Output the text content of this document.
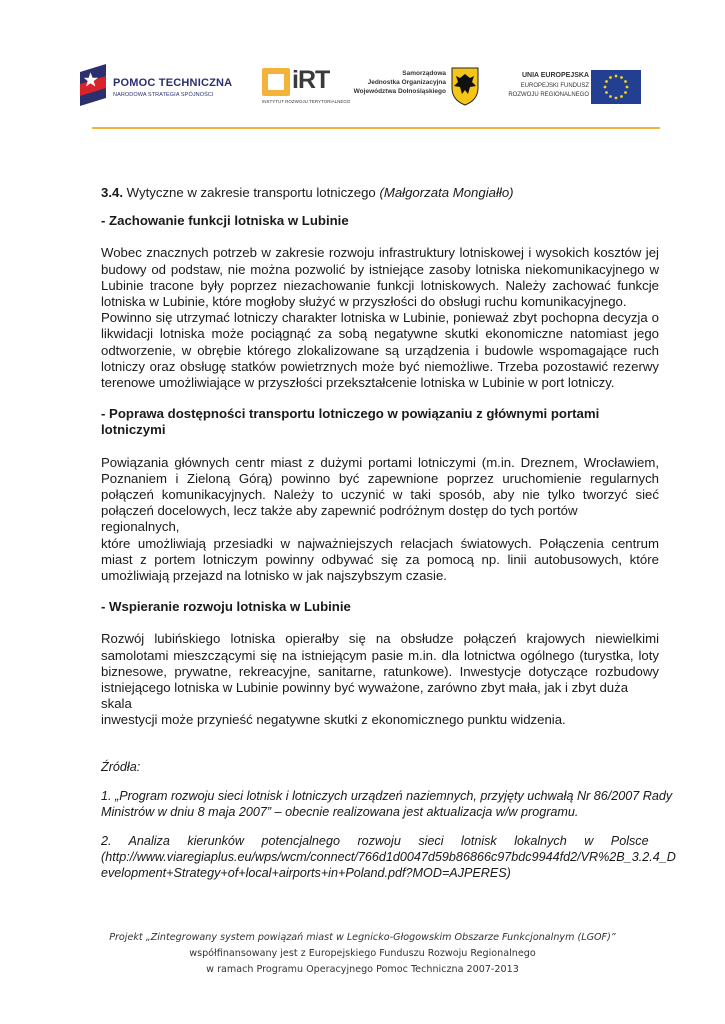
POMOC TECHNICZNA
NARODOWA STRATEGIA SPÓJNOŚCI
iRT
INSTYTUT ROZWOJU TERYTORIALNEGO
Samorządowa
Jednostka Organizacyjna
Województwa Dolnośląskiego
UNIA EUROPEJSKA
EUROPEJSKI FUNDUSZ
ROZWOJU REGIONALNEGO

3.4. Wytyczne w zakresie transportu lotniczego (Małgorzata Mongiałło)

- Zachowanie funkcji lotniska w Lubinie

Wobec znacznych potrzeb w zakresie rozwoju infrastruktury lotniskowej i wysokich kosztów jej
budowy od podstaw, nie można pozwolić by istniejące zasoby lotniska niekomunikacyjnego w
Lubinie tracone były poprzez niezachowanie funkcji lotniskowych. Należy zachować funkcje
lotniska w Lubinie, które mogłoby służyć w przyszłości do obsługi ruchu komunikacyjnego.
Powinno się utrzymać lotniczy charakter lotniska w Lubinie, ponieważ zbyt pochopna decyzja o
likwidacji lotniska może pociągnąć za sobą negatywne skutki ekonomiczne natomiast jego
odtworzenie, w obrębie którego zlokalizowane są urządzenia i budowle wspomagające ruch
lotniczy oraz obsługę statków powietrznych może być niemożliwe. Trzeba pozostawić rezerwy
terenowe umożliwiające w przyszłości przekształcenie lotniska w Lubinie w port lotniczy.
- Poprawa dostępności transportu lotniczego w powiązaniu z głównymi portami
lotniczymi
Powiązania głównych centr miast z dużymi portami lotniczymi (m.in. Dreznem, Wrocławiem,
Poznaniem i Zieloną Górą) powinno być zapewnione poprzez uruchomienie regularnych
połączeń komunikacyjnych. Należy to uczynić w taki sposób, aby nie tylko tworzyć sieć
połączeń docelowych, lecz także aby zapewnić podróżnym dostęp do tych portów regionalnych,
które umożliwiają przesiadki w najważniejszych relacjach światowych. Połączenia centrum
miast z portem lotniczym powinny odbywać się za pomocą np. linii autobusowych, które
umożliwiają przejazd na lotnisko w jak najszybszym czasie.

- Wspieranie rozwoju lotniska w Lubinie

Rozwój lubińskiego lotniska opierałby się na obsłudze połączeń krajowych niewielkimi
samolotami mieszczącymi się na istniejącym pasie m.in. dla lotnictwa ogólnego (turystka, loty
biznesowe, prywatne, rekreacyjne, sanitarne, ratunkowe). Inwestycje dotyczące rozbudowy
istniejącego lotniska w Lubinie powinny być wyważone, zarówno zbyt mała, jak i zbyt duża skala
inwestycji może przynieść negatywne skutki z ekonomicznego punktu widzenia.
Źródła:
1. „Program rozwoju sieci lotnisk i lotniczych urządzeń naziemnych, przyjęty uchwałą Nr 86/2007 Rady
Ministrów w dniu 8 maja 2007” – obecnie realizowana jest aktualizacja w/w programu.
2.     Analiza     kierunków     potencjalnego     rozwoju     sieci     lotnisk     lokalnych     w     Polsce
(http://www.viaregiaplus.eu/wps/wcm/connect/766d1d0047d59b86866c97bdc9944fd2/VR%2B_3.2.4_D
evelopment+Strategy+of+local+airports+in+Poland.pdf?MOD=AJPERES)
Projekt „Zintegrowany system powiązań miast w Legnicko-Głogowskim Obszarze Funkcjonalnym (LGOF)”
współfinansowany jest z Europejskiego Funduszu Rozwoju Regionalnego
w ramach Programu Operacyjnego Pomoc Techniczna 2007-2013
